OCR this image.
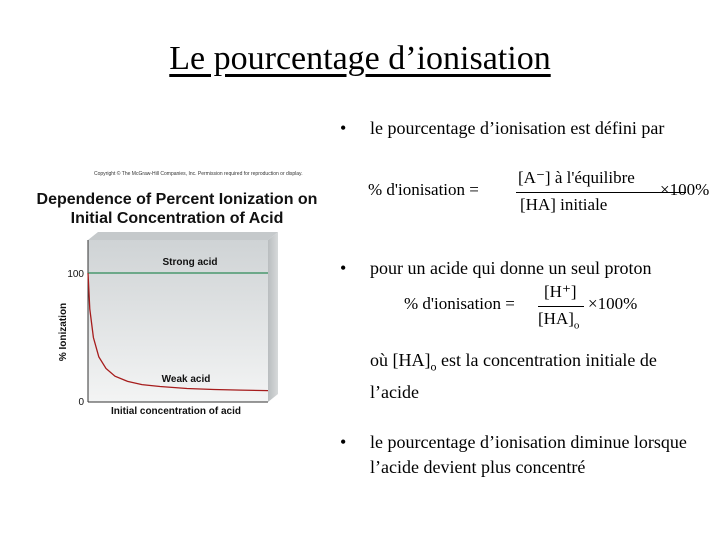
Le pourcentage d’ionisation
• le pourcentage d’ionisation est défini par
% d'ionisation =
[A⁻] à l'équilibre
[HA] initiale
×100%
• pour un acide qui donne un seul proton
% d'ionisation =
[H⁺]
$[HA]_o$
×100%
où $[HA]_o$ est la concentration initiale de l’acide
• le pourcentage d’ionisation diminue lorsque l’acide devient plus concentré
Copyright © The McGraw-Hill Companies, Inc. Permission required for reproduction or display.
Dependence of Percent Ionization on Initial Concentration of Acid
100
0
% Ionization
Initial concentration of acid
Strong acid
Weak acid
